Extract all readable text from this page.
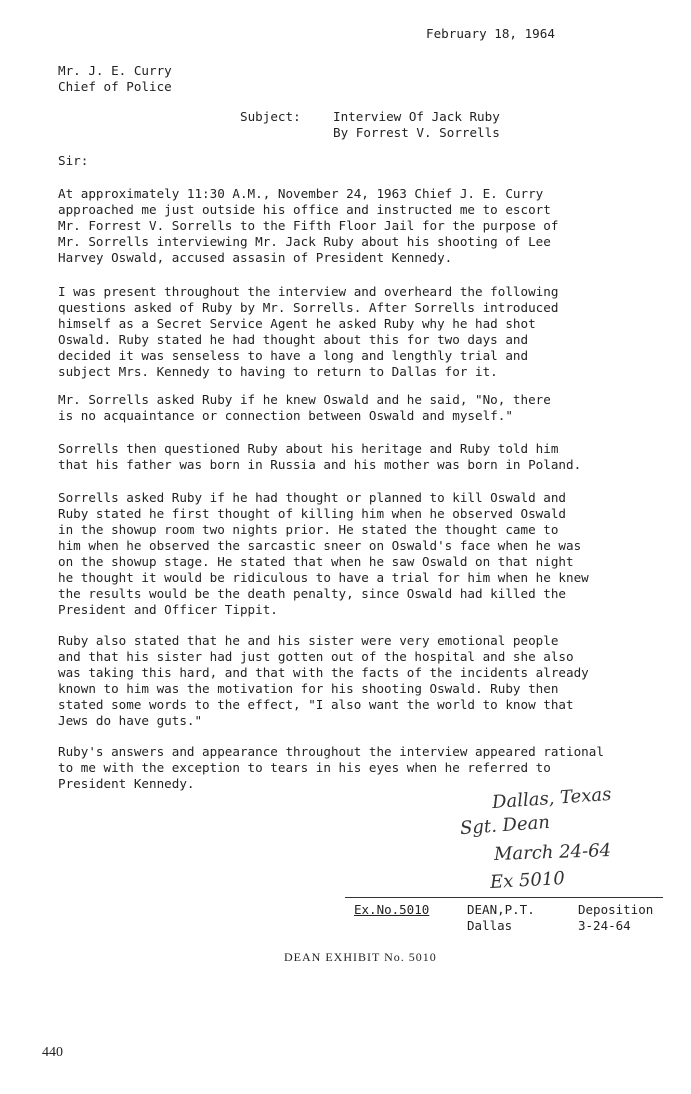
February 18, 1964
Mr. J. E. Curry
Chief of Police
Subject:	Interview Of Jack Ruby
By Forrest V. Sorrells
Sir:
At approximately 11:30 A.M., November 24, 1963 Chief J. E. Curry
approached me just outside his office and instructed me to escort
Mr. Forrest V. Sorrells to the Fifth Floor Jail for the purpose of
Mr. Sorrells interviewing Mr. Jack Ruby about his shooting of Lee
Harvey Oswald, accused assasin of President Kennedy.
I was present throughout the interview and overheard the following
questions asked of Ruby by Mr. Sorrells. After Sorrells introduced
himself as a Secret Service Agent he asked Ruby why he had shot
Oswald. Ruby stated he had thought about this for two days and
decided it was senseless to have a long and lengthly trial and
subject Mrs. Kennedy to having to return to Dallas for it.
Mr. Sorrells asked Ruby if he knew Oswald and he said, "No, there
is no acquaintance or connection between Oswald and myself."
Sorrells then questioned Ruby about his heritage and Ruby told him
that his father was born in Russia and his mother was born in Poland.
Sorrells asked Ruby if he had thought or planned to kill Oswald and
Ruby stated he first thought of killing him when he observed Oswald
in the showup room two nights prior. He stated the thought came to
him when he observed the sarcastic sneer on Oswald's face when he was
on the showup stage. He stated that when he saw Oswald on that night
he thought it would be ridiculous to have a trial for him when he knew
the results would be the death penalty, since Oswald had killed the
President and Officer Tippit.
Ruby also stated that he and his sister were very emotional people
and that his sister had just gotten out of the hospital and she also
was taking this hard, and that with the facts of the incidents already
known to him was the motivation for his shooting Oswald. Ruby then
stated some words to the effect, "I also want the world to know that
Jews do have guts."
Ruby's answers and appearance throughout the interview appeared rational
to me with the exception to tears in his eyes when he referred to
President Kennedy.
Dallas, Texas
Sgt. Dean
March 24-64
Ex 5010
Ex.No.5010	DEAN,P.T.
Dallas
Deposition
3-24-64
DEAN EXHIBIT No. 5010
440
